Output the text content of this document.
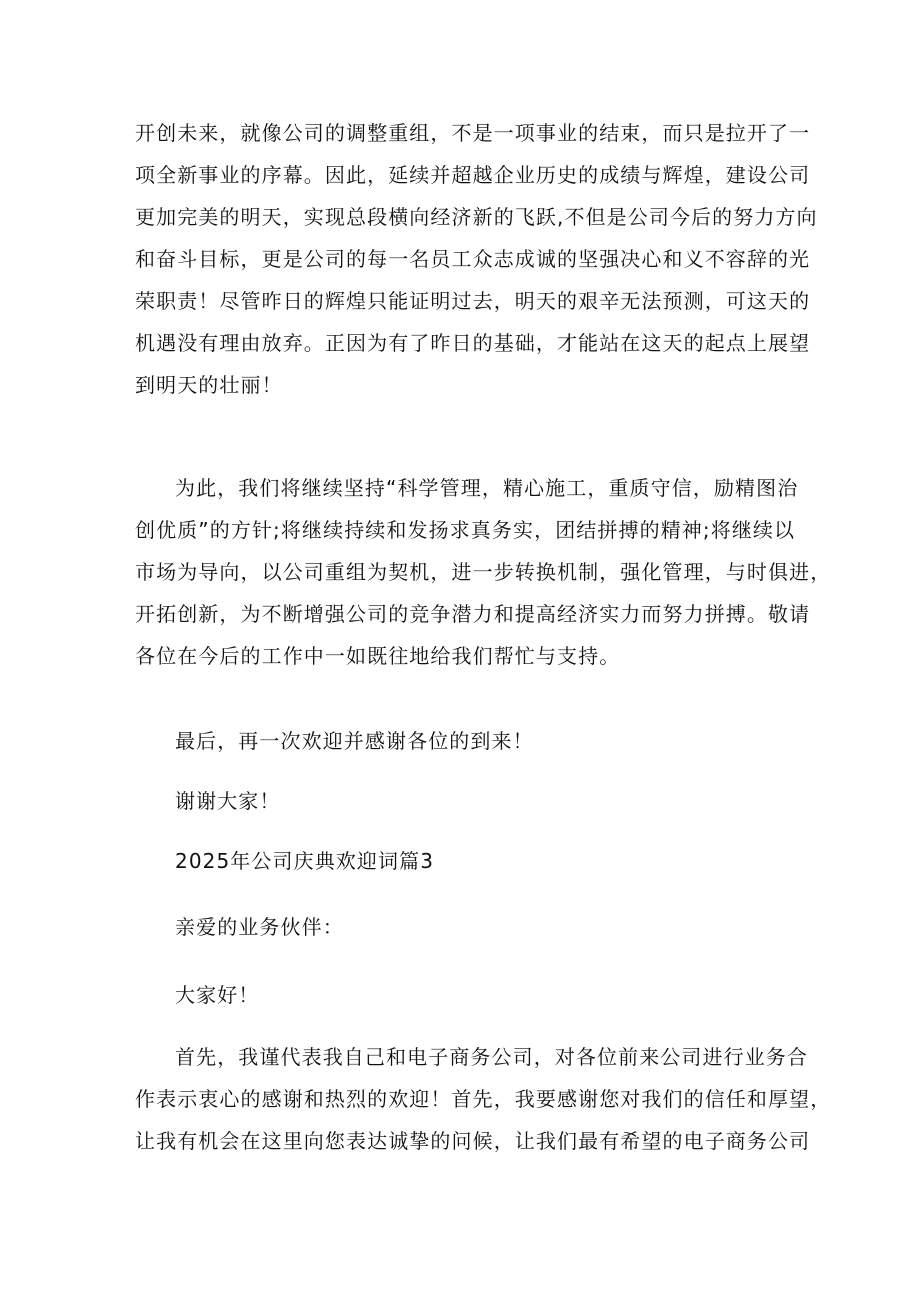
开创未来，就像公司的调整重组，不是一项事业的结束，而只是拉开了一
项全新事业的序幕。因此，延续并超越企业历史的成绩与辉煌，建设公司
更加完美的明天，实现总段横向经济新的飞跃,不但是公司今后的努力方向
和奋斗目标，更是公司的每一名员工众志成诚的坚强决心和义不容辞的光
荣职责！尽管昨日的辉煌只能证明过去，明天的艰辛无法预测，可这天的
机遇没有理由放弃。正因为有了昨日的基础，才能站在这天的起点上展望
到明天的壮丽！
为此，我们将继续坚持“科学管理，精心施工，重质守信，励精图治
创优质”的方针;将继续持续和发扬求真务实，团结拼搏的精神;将继续以
市场为导向，以公司重组为契机，进一步转换机制，强化管理，与时俱进，
开拓创新，为不断增强公司的竞争潜力和提高经济实力而努力拼搏。敬请
各位在今后的工作中一如既往地给我们帮忙与支持。
最后，再一次欢迎并感谢各位的到来！
谢谢大家！
2025年公司庆典欢迎词篇3
亲爱的业务伙伴：
大家好！
首先，我谨代表我自己和电子商务公司，对各位前来公司进行业务合
作表示衷心的感谢和热烈的欢迎！首先，我要感谢您对我们的信任和厚望，
让我有机会在这里向您表达诚挚的问候，让我们最有希望的电子商务公司
